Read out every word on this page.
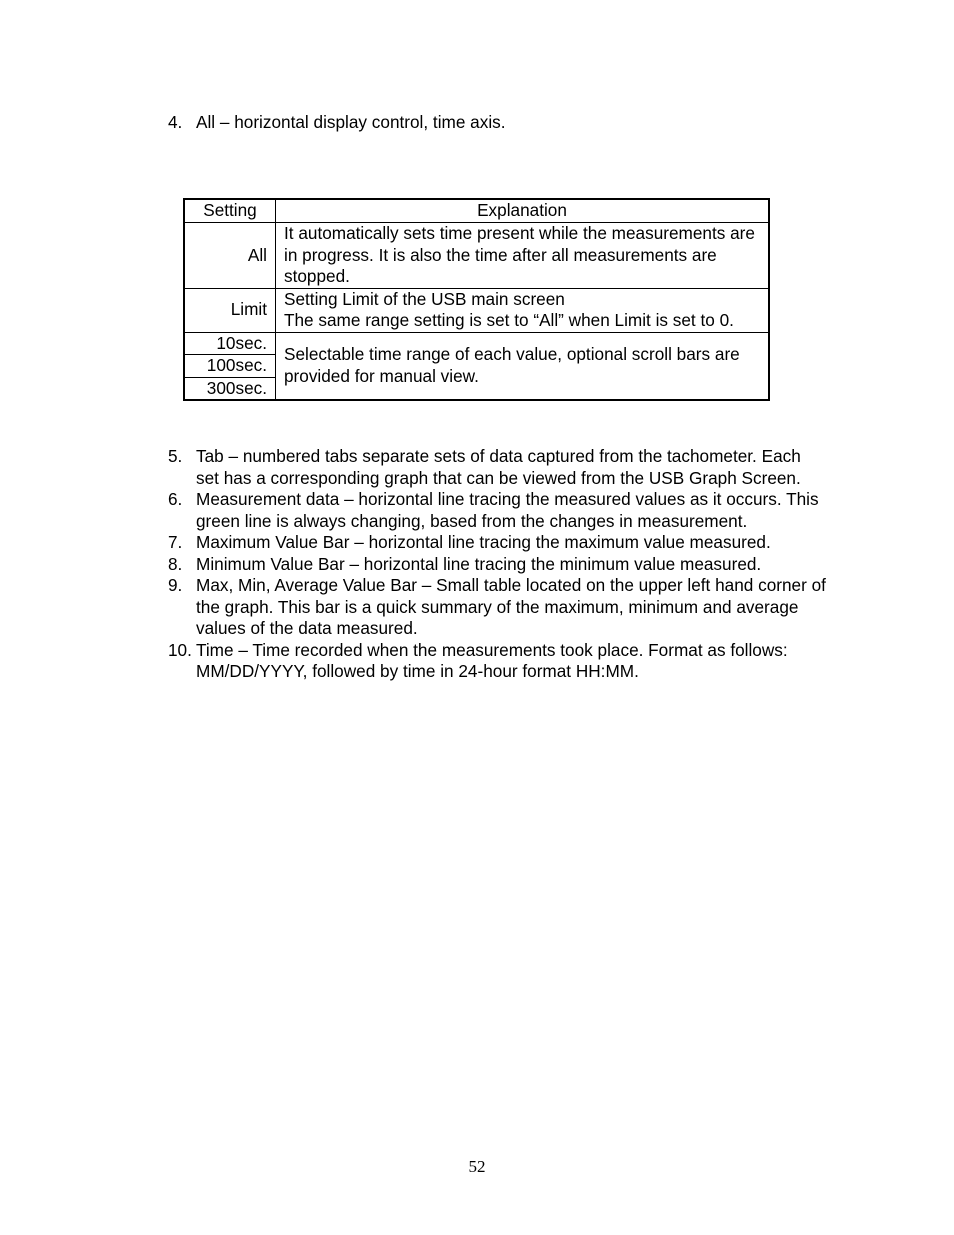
4. All – horizontal display control, time axis.
Setting	Explanation
All	It automatically sets time present while the measurements are in progress. It is also the time after all measurements are stopped.
Limit	Setting Limit of the USB main screen
The same range setting is set to “All” when Limit is set to 0.

10sec.	Selectable time range of each value, optional scroll bars are provided for manual view.
100sec.	
300sec.	
5. Tab – numbered tabs separate sets of data captured from the tachometer. Each set has a corresponding graph that can be viewed from the USB Graph Screen.
6. Measurement data – horizontal line tracing the measured values as it occurs. This green line is always changing, based from the changes in measurement.
7. Maximum Value Bar – horizontal line tracing the maximum value measured.
8. Minimum Value Bar – horizontal line tracing the minimum value measured.
9. Max, Min, Average Value Bar – Small table located on the upper left hand corner of the graph. This bar is a quick summary of the maximum, minimum and average values of the data measured.
10. Time – Time recorded when the measurements took place. Format as follows: MM/DD/YYYY, followed by time in 24-hour format HH:MM.
52
